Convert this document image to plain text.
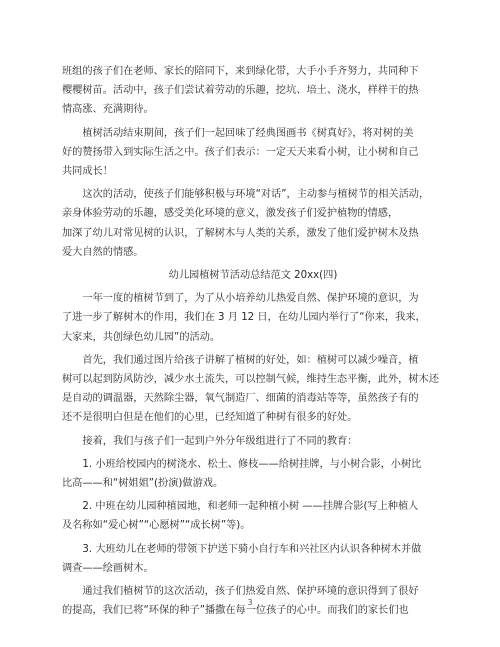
班组的孩子们在老师、家长的陪同下，来到绿化带，大手小手齐努力，共同种下

樱樱树苗。活动中，孩子们尝试着劳动的乐趣，挖坑、培土、浇水，样样干的热

情高涨、充满期待。

植树活动结束期间，孩子们一起回味了经典图画书《树真好》，将对树的美

好的赞扬带入到实际生活之中。孩子们表示：一定天天来看小树，让小树和自己

共同成长！

这次的活动，使孩子们能够积极与环境“对话”，主动参与植树节的相关活动，

亲身体验劳动的乐趣，感受美化环境的意义，激发孩子们爱护植物的情感，

加深了幼儿对常见树的认识，了解树木与人类的关系，激发了他们爱护树木及热

爱大自然的情感。

幼儿园植树节活动总结范文 20xx(四)

一年一度的植树节到了，为了从小培养幼儿热爱自然、保护环境的意识，为

了进一步了解树木的作用，我们在 3 月 12 日，在幼儿园内举行了“你来，我来，

大家来，共创绿色幼儿园”的活动。

首先，我们通过图片给孩子讲解了植树的好处，如：植树可以减少噪音，植

树可以起到防风防沙，减少水土流失，可以控制气候，维持生态平衡，此外，树木还

是自动的调温器，天然除尘器，氧气制造厂、细菌的消毒站等等，虽然孩子有的

还不是很明白但是在他们的心里，已经知道了种树有很多的好处。

接着，我们与孩子们一起到户外分年级组进行了不同的教育：

1. 小班给校园内的树浇水、松土、修枝——给树挂牌，与小树合影，小树比

比高——和“树姐姐”(扮演)做游戏。

2. 中班在幼儿园种植园地，和老师一起种植小树 ——挂牌合影(写上种植人

及名称如“爱心树”“心愿树”“成长树”等)。

3. 大班幼儿在老师的带领下护送下骑小自行车和兴社区内认识各种树木并做

调查——绘画树木。

通过我们植树节的这次活动，孩子们热爱自然、保护环境的意识得到了很好

的提高，我们已将“环保的种子”播撒在每一位孩子的心中。而我们的家长们也

3
